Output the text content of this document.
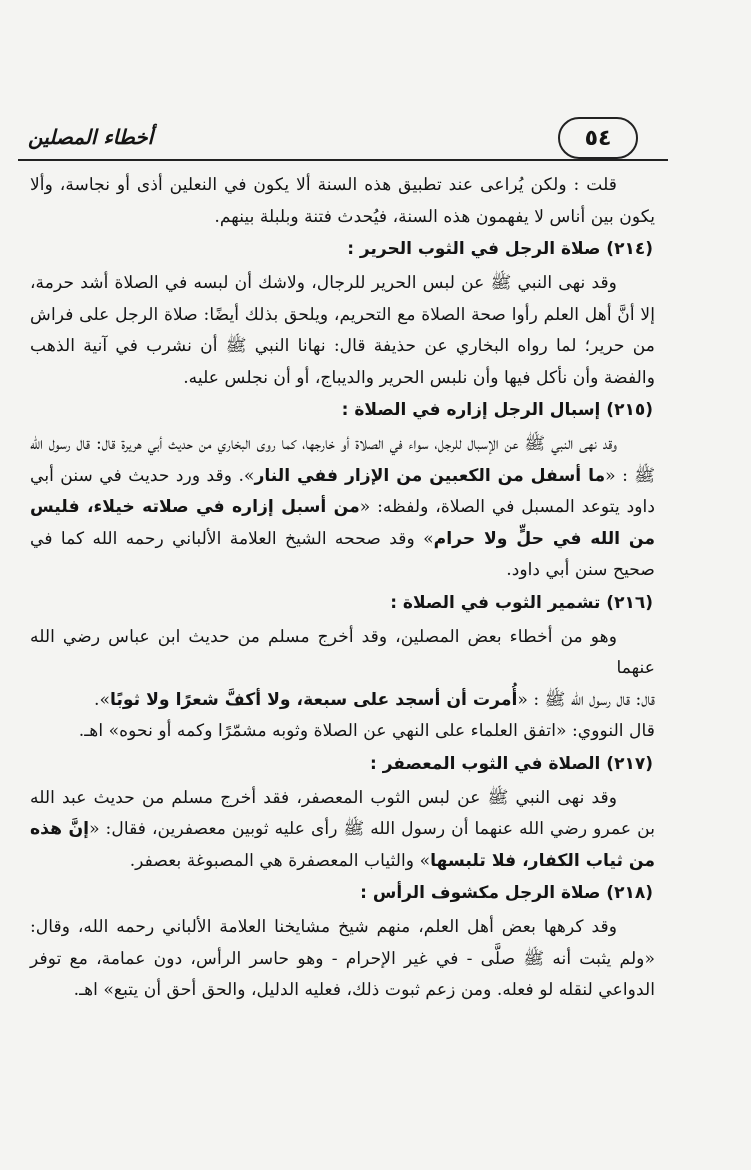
أخطاء المصلين	٥٤

قلت : ولكن يُراعى عند تطبيق هذه السنة ألا يكون في النعلين أذى أو نجاسة، وألا يكون بين أناس لا يفهمون هذه السنة، فيُحدث فتنة وبلبلة بينهم.

(٢١٤) صلاة الرجل في الثوب الحرير :

وقد نهى النبي ﷺ عن لبس الحرير للرجال، ولاشك أن لبسه في الصلاة أشد حرمة، إلا أنَّ أهل العلم رأوا صحة الصلاة مع التحريم، ويلحق بذلك أيضًا: صلاة الرجل على فراش من حرير؛ لما رواه البخاري عن حذيفة قال: نهانا النبي ﷺ أن نشرب في آنية الذهب والفضة وأن نأكل فيها وأن نلبس الحرير والديباج، أو أن نجلس عليه.

(٢١٥) إسبال الرجل إزاره في الصلاة :

وقد نهى النبي ﷺ عن الإسبال للرجل، سواء في الصلاة أو خارجها، كما روى البخاري من حديث أبي هريرة قال: قال رسول الله ﷺ : «ما أسفل من الكعبين من الإزار ففي النار». وقد ورد حديث في سنن أبي داود يتوعد المسبل في الصلاة، ولفظه: «من أسبل إزاره في صلاته خيلاء، فليس من الله في حلٍّ ولا حرام» وقد صححه الشيخ العلامة الألباني رحمه الله كما في صحيح سنن أبي داود.

(٢١٦) تشمير الثوب في الصلاة :

وهو من أخطاء بعض المصلين، وقد أخرج مسلم من حديث ابن عباس رضي الله عنهما

قال: قال رسول الله ﷺ : «أُمرت أن أسجد على سبعة، ولا أكفَّ شعرًا ولا ثوبًا».

قال النووي: «اتفق العلماء على النهي عن الصلاة وثوبه مشمّرًا وكمه أو نحوه» اهـ.

(٢١٧) الصلاة في الثوب المعصفر :

وقد نهى النبي ﷺ عن لبس الثوب المعصفر، فقد أخرج مسلم من حديث عبد الله بن عمرو رضي الله عنهما أن رسول الله ﷺ رأى عليه ثوبين معصفرين، فقال: «إنَّ هذه من ثياب الكفار، فلا تلبسها» والثياب المعصفرة هي المصبوغة بعصفر.

(٢١٨) صلاة الرجل مكشوف الرأس :

وقد كرهها بعض أهل العلم، منهم شيخ مشايخنا العلامة الألباني رحمه الله، وقال: «ولم يثبت أنه ﷺ صلَّى - في غير الإحرام - وهو حاسر الرأس، دون عمامة، مع توفر الدواعي لنقله لو فعله. ومن زعم ثبوت ذلك، فعليه الدليل، والحق أحق أن يتبع» اهـ.
